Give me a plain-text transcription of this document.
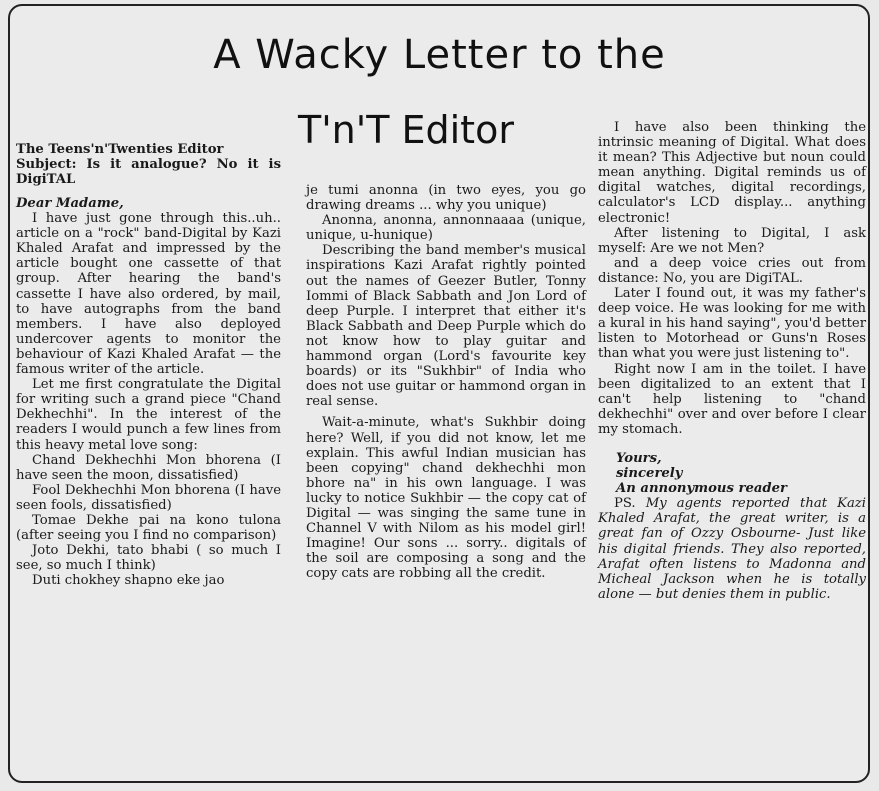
A Wacky Letter to the
T'n'T Editor

The Teens'n'Twenties Editor
Subject: Is it analogue? No it is DigiTAL

Dear Madame,

I have just gone through this..uh.. article on a "rock" band-Digital by Kazi Khaled Arafat and impressed by the article bought one cassette of that group. After hearing the band's cassette I have also ordered, by mail, to have autographs from the band members. I have also deployed undercover agents to monitor the behaviour of Kazi Khaled Arafat — the famous writer of the article.

Let me first congratulate the Digital for writing such a grand piece "Chand Dekhechhi". In the interest of the readers I would punch a few lines from this heavy metal love song:

Chand Dekhechhi Mon bhorena (I have seen the moon, dissatisfied)

Fool Dekhechhi Mon bhorena (I have seen fools, dissatisfied)

Tomae Dekhe pai na kono tulona (after seeing you I find no comparison)

Joto Dekhi, tato bhabi ( so much I see, so much I think)

Duti chokhey shapno eke jao

je tumi anonna (in two eyes, you go drawing dreams ... why you unique)

Anonna, anonna, annonnaaaa (unique, unique, u-hunique)

Describing the band member's musical inspirations Kazi Arafat rightly pointed out the names of Geezer Butler, Tonny Iommi of Black Sabbath and Jon Lord of deep Purple. I interpret that either it's Black Sabbath and Deep Purple which do not know how to play guitar and hammond organ (Lord's favourite key boards) or its "Sukhbir" of India who does not use guitar or hammond organ in real sense.

Wait-a-minute, what's Sukhbir doing here? Well, if you did not know, let me explain. This awful Indian musician has been copying" chand dekhechhi mon bhore na" in his own language. I was lucky to notice Sukhbir — the copy cat of Digital — was singing the same tune in Channel V with Nilom as his model girl! Imagine! Our sons ... sorry.. digitals of the soil are composing a song and the copy cats are robbing all the credit.

I have also been thinking the intrinsic meaning of Digital. What does it mean? This Adjective but noun could mean anything. Digital reminds us of digital watches, digital recordings, calculator's LCD display... anything electronic!

After listening to Digital, I ask myself: Are we not Men?

and a deep voice cries out from distance: No, you are DigiTAL.

Later I found out, it was my father's deep voice. He was looking for me with a kural in his hand saying", you'd better listen to Motorhead or Guns'n Roses than what you were just listening to".

Right now I am in the toilet. I have been digitalized to an extent that I can't help listening to "chand dekhechhi" over and over before I clear my stomach.

Yours,

sincerely

An annonymous reader

PS. My agents reported that Kazi Khaled Arafat, the great writer, is a great fan of Ozzy Osbourne- Just like his digital friends. They also reported, Arafat often listens to Madonna and Micheal Jackson when he is totally alone — but denies them in public.
